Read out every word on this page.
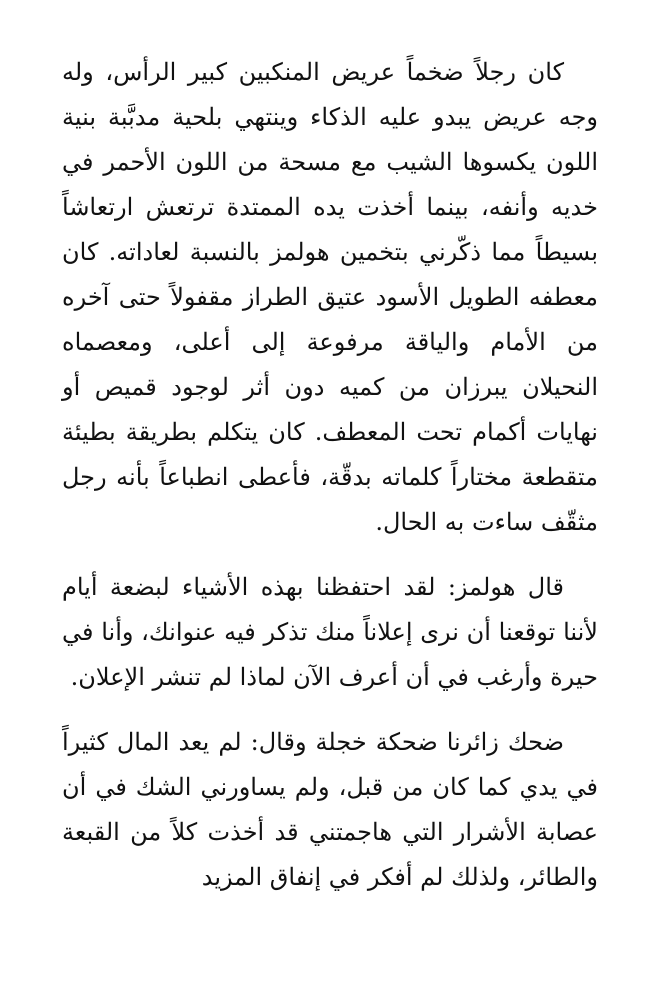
كان رجلاً ضخماً عريض المنكبين كبير الرأس، وله وجه عريض يبدو عليه الذكاء وينتهي بلحية مدبَّبة بنية اللون يكسوها الشيب مع مسحة من اللون الأحمر في خديه وأنفه، بينما أخذت يده الممتدة ترتعش ارتعاشاً بسيطاً مما ذكّرني بتخمين هولمز بالنسبة لعاداته. كان معطفه الطويل الأسود عتيق الطراز مقفولاً حتى آخره من الأمام والياقة مرفوعة إلى أعلى، ومعصماه النحيلان يبرزان من كميه دون أثر لوجود قميص أو نهايات أكمام تحت المعطف. كان يتكلم بطريقة بطيئة متقطعة مختاراً كلماته بدقّة، فأعطى انطباعاً بأنه رجل مثقّف ساءت به الحال.

قال هولمز: لقد احتفظنا بهذه الأشياء لبضعة أيام لأننا توقعنا أن نرى إعلاناً منك تذكر فيه عنوانك، وأنا في حيرة وأرغب في أن أعرف الآن لماذا لم تنشر الإعلان.

ضحك زائرنا ضحكة خجلة وقال: لم يعد المال كثيراً في يدي كما كان من قبل، ولم يساورني الشك في أن عصابة الأشرار التي هاجمتني قد أخذت كلاً من القبعة والطائر، ولذلك لم أفكر في إنفاق المزيد
